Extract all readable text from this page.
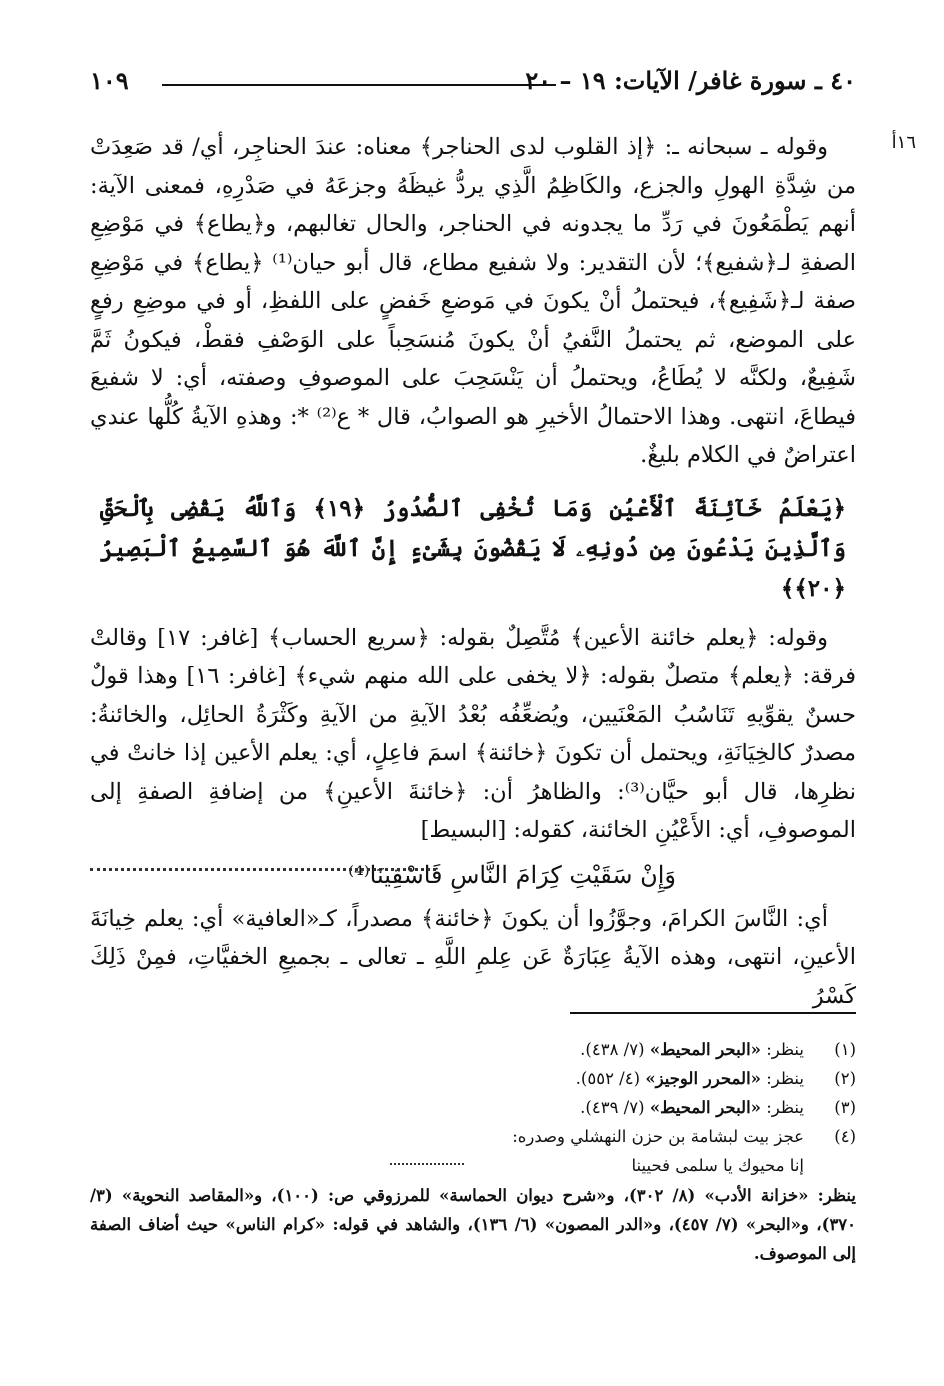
٤٠ ـ سورة غافر/ الآيات: ١٩ – ٢٠
١٠٩
١٦أ

وقوله ـ سبحانه ـ: ﴿إذ القلوب لدى الحناجر﴾ معناه: عندَ الحناجِر، أي/ قد صَعِدَتْ من شِدَّةِ الهولِ والجزع، والكَاظِمُ الَّذِي يردُّ غيظَهُ وجزعَهُ في صَدْرِهِ، فمعنى الآية: أنهم يَطْمَعُونَ في رَدِّ ما يجدونه في الحناجر، والحال تغالبهم، و﴿يطاع﴾ في مَوْضِعِ الصفةِ لـ﴿شفيع﴾؛ لأن التقدير: ولا شفيع مطاع، قال أبو حيان⁽¹⁾ ﴿يطاع﴾ في مَوْضِعِ صفة لـ﴿شَفِيع﴾، فيحتملُ أنْ يكونَ في مَوضعِ خَفضٍ على اللفظِ، أو في موضِعِ رفعٍ على الموضع، ثم يحتملُ النَّفيُ أنْ يكونَ مُنسَحِباً على الوَصْفِ فقطْ، فيكونُ ثَمَّ شَفِيعٌ، ولكنَّه لا يُطَاعُ، ويحتملُ أن يَنْسَحِبَ على الموصوفِ وصفته، أي: لا شفيعَ فيطاعَ، انتهى. وهذا الاحتمالُ الأخيرِ هو الصوابُ، قال * ع⁽²⁾ *: وهذهِ الآيةُ كُلُّها عندي اعتراضٌ في الكلام بليغٌ.

﴿يَعْلَمُ خَآئِنَةَ ٱلْأَعْيُنِ وَمَا تُخْفِى ٱلصُّدُورُ ﴿١٩﴾ وَٱللَّهُ يَقْضِى بِٱلْحَقِّ وَٱلَّذِينَ يَدْعُونَ مِن دُونِهِۦ لَا يَقْضُونَ بِشَىْءٍ إِنَّ ٱللَّهَ هُوَ ٱلسَّمِيعُ ٱلْبَصِيرُ ﴿٢٠﴾﴾

وقوله: ﴿يعلم خائنة الأعين﴾ مُتَّصِلٌ بقوله: ﴿سريع الحساب﴾ [غافر: ١٧] وقالتْ فرقة: ﴿يعلم﴾ متصلٌ بقوله: ﴿لا يخفى على الله منهم شيء﴾ [غافر: ١٦] وهذا قولٌ حسنٌ يقوِّيهِ تَنَاسُبُ المَعْنَيين، ويُضعِّفُه بُعْدُ الآيةِ من الآيةِ وكَثْرَةُ الحائِل، والخائنةُ: مصدرٌ كالخِيَانَةِ، ويحتمل أن تكونَ ﴿خائنة﴾ اسمَ فاعِلٍ، أي: يعلم الأعين إذا خانتْ في نظرِها، قال أبو حيَّان⁽³⁾: والظاهرُ أن: ﴿خائنةَ الأعينِ﴾ من إضافةِ الصفةِ إلى الموصوفِ، أي: الأَعْيُنِ الخائنة، كقوله: [البسيط]

وَإِنْ سَقَيْتِ كِرَامَ النَّاسِ فَاسْقِينَا⁽⁴⁾

أي: النَّاسَ الكرامَ، وجوَّزُوا أن يكونَ ﴿خائنة﴾ مصدراً، كـ«العافية» أي: يعلم خِيانَةَ الأعينِ، انتهى، وهذه الآيةُ عِبَارَةٌ عَن عِلمِ اللَّهِ ـ تعالى ـ بجميعِ الخفيَّاتِ، فمِنْ ذَلِكَ كَسْرُ

(١)
ينظر: «البحر المحيط» (٧/ ٤٣٨).
(٢)
ينظر: «المحرر الوجيز» (٤/ ٥٥٢).
(٣)
ينظر: «البحر المحيط» (٧/ ٤٣٩).
(٤)
عجز بيت لبشامة بن حزن النهشلي وصدره:
إنا محيوك يا سلمى فحيينا
ينظر: «خزانة الأدب» (٨/ ٣٠٢)، و«شرح ديوان الحماسة» للمرزوقي ص: (١٠٠)، و«المقاصد النحوية» (٣/ ٣٧٠)، و«البحر» (٧/ ٤٥٧)، و«الدر المصون» (٦/ ١٣٦)، والشاهد في قوله: «كرام الناس» حيث أضاف الصفة إلى الموصوف.
